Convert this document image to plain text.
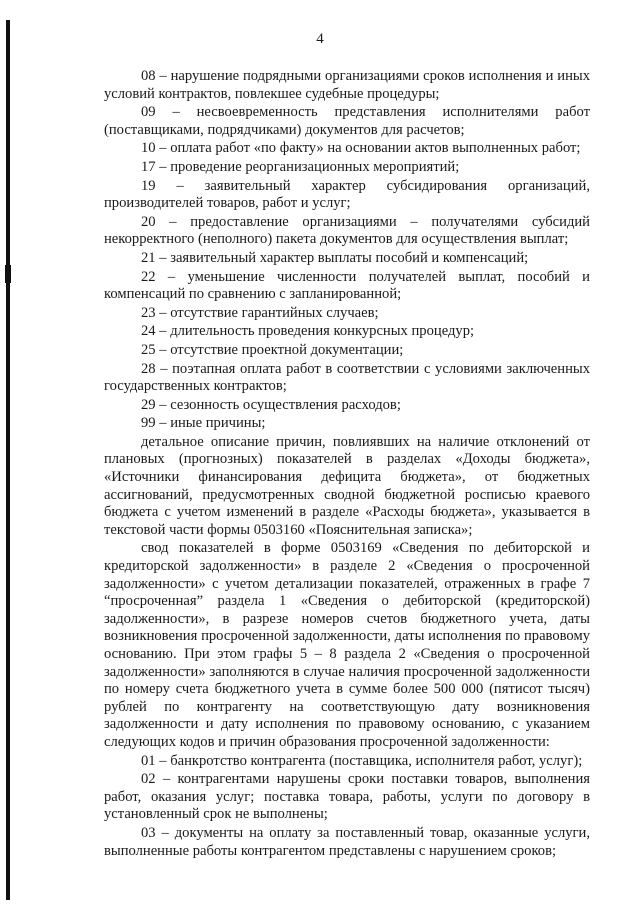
4

08 – нарушение подрядными организациями сроков исполнения и иных условий контрактов, повлекшее судебные процедуры;

09 – несвоевременность представления исполнителями работ (поставщиками, подрядчиками) документов для расчетов;

10 – оплата работ «по факту» на основании актов выполненных работ;

17 – проведение реорганизационных мероприятий;

19 – заявительный характер субсидирования организаций, производителей товаров, работ и услуг;

20 – предоставление организациями – получателями субсидий некорректного (неполного) пакета документов для осуществления выплат;

21 – заявительный характер выплаты пособий и компенсаций;

22 – уменьшение численности получателей выплат, пособий и компенсаций по сравнению с запланированной;

23 – отсутствие гарантийных случаев;

24 – длительность проведения конкурсных процедур;

25 – отсутствие проектной документации;

28 – поэтапная оплата работ в соответствии с условиями заключенных государственных контрактов;

29 – сезонность осуществления расходов;

99 – иные причины;

детальное описание причин, повлиявших на наличие отклонений от плановых (прогнозных) показателей в разделах «Доходы бюджета», «Источники финансирования дефицита бюджета», от бюджетных ассигнований, предусмотренных сводной бюджетной росписью краевого бюджета с учетом изменений в разделе «Расходы бюджета», указывается в текстовой части формы 0503160 «Пояснительная записка»;

свод показателей в форме 0503169 «Сведения по дебиторской и кредиторской задолженности» в разделе 2 «Сведения о просроченной задолженности» с учетом детализации показателей, отраженных в графе 7 “просроченная” раздела 1 «Сведения о дебиторской (кредиторской) задолженности», в разрезе номеров счетов бюджетного учета, даты возникновения просроченной задолженности, даты исполнения по правовому основанию. При этом графы 5 – 8 раздела 2 «Сведения о просроченной задолженности» заполняются в случае наличия просроченной задолженности по номеру счета бюджетного учета в сумме более 500 000 (пятисот тысяч) рублей по контрагенту на соответствующую дату возникновения задолженности и дату исполнения по правовому основанию, с указанием следующих кодов и причин образования просроченной задолженности:

01 – банкротство контрагента (поставщика, исполнителя работ, услуг);

02 – контрагентами нарушены сроки поставки товаров, выполнения работ, оказания услуг; поставка товара, работы, услуги по договору в установленный срок не выполнены;

03 – документы на оплату за поставленный товар, оказанные услуги, выполненные работы контрагентом представлены с нарушением сроков;
